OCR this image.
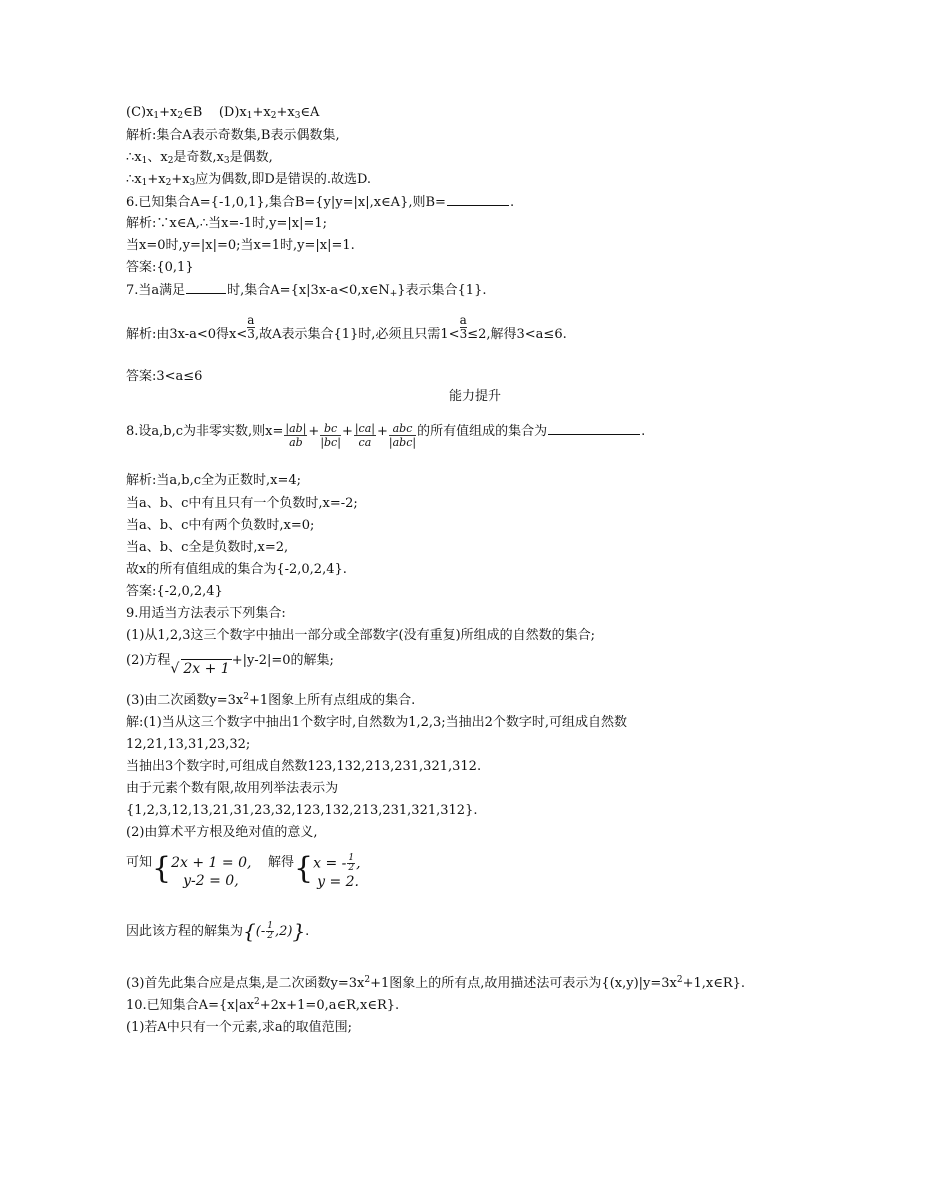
$(C)x_1+x_2\in B$ $(D)x_1+x_2+x_3\in A$
解析:集合A表示奇数集,B表示偶数集,
$\therefore x_1$、$x_2$是奇数$,x_3$是偶数,
$\therefore x_1+x_2+x_3$应为偶数,即D是错误的.故选D.
6.已知集合A={-1,0,1},集合B={y|y=|x|,x∈A},则B=	.
解析:∵x∈A,∴当x=-1时,y=|x|=1;
当x=0时,y=|x|=0;当x=1时,y=|x|=1.
答案:{0,1}
7.当a满足	时,集合$A=\{x|3x-a<0,x\in N_+\}$表示集合{1}.
解析:由3x-a<0得$x< \frac{a}{3}$ ,故A表示集合{1}时,必须且只需$1< \frac{a}{3} \le 2$,解得3<a≤6.
答案:3<a≤6
能力提升
8.设a,b,c为非零实数,则$x= \frac{|ab|}{ab} + \frac{bc}{|bc|} + \frac{|ca|}{ca}$ + abc
|abc|
的所有值组成的集合为	.
解析:当a,b,c全为正数时,x=4;
当a、b、c中有且只有一个负数时,x=-2;
当a、b、c中有两个负数时,x=0;
当a、b、c全是负数时,x=2,
故x的所有值组成的集合为{-2,0,2,4}.
答案:{-2,0,2,4}
9.用适当方法表示下列集合:
(1)从1,2,3这三个数字中抽出一部分或全部数字(没有重复)所组成的自然数的集合;
(2)方程√ 2x + 1+|y-2|=0的解集;
(3)由二次函数$y=3x^2+1$图象上所有点组成的集合.
解:(1)当从这三个数字中抽出1个数字时,自然数为1,2,3;当抽出2个数字时,可组成自然数
12,21,13,31,23,32;
当抽出3个数字时,可组成自然数123,132,213,231,321,312.
由于元素个数有限,故用列举法表示为
{1,2,3,12,13,21,31,23,32,123,132,213,231,321,312}.
(2)由算术平方根及绝对值的意义,
可知{ 2x + 1 = 0,
y-2 = 0,
解得{ x = - $\frac{1}{2}$ ,
y = 2.
因此该方程的解集为{(- $\frac{1}{2} ,2$)}.
(3)首先此集合应是点集,是二次函数$y=3x^2+1$图象上的所有点,故用描述法可表示为$\{(x,y)|y=3x^2+1,x\in R\}$.
10.已知集合$A=\{x|ax^2+2x+1=0,a\in R,x\in R\}$.
(1)若A中只有一个元素,求a的取值范围;
